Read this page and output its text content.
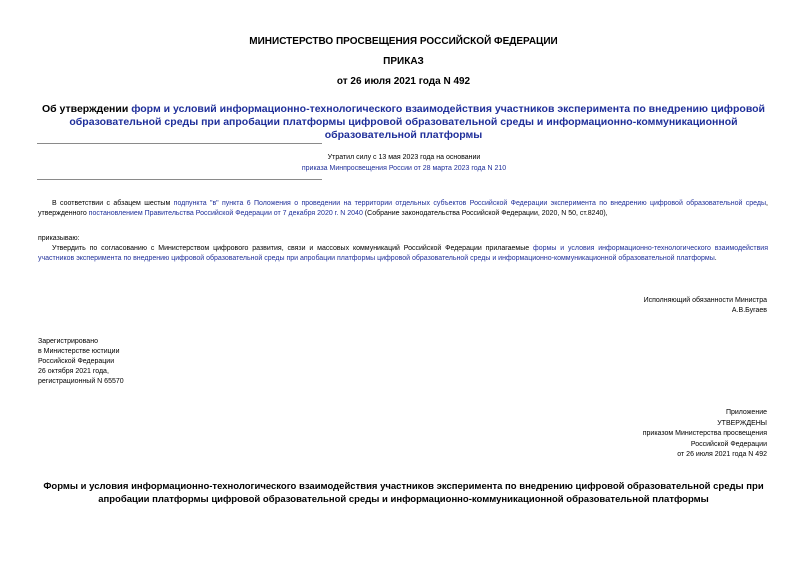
МИНИСТЕРСТВО ПРОСВЕЩЕНИЯ РОССИЙСКОЙ ФЕДЕРАЦИИ
ПРИКАЗ
от 26 июля 2021 года N 492
Об утверждении форм и условий информационно-технологического взаимодействия участников эксперимента по внедрению цифровой образовательной среды при апробации платформы цифровой образовательной среды и информационно-коммуникационной образовательной платформы
Утратил силу с 13 мая 2023 года на основании
приказа Минпросвещения России от 28 марта 2023 года N 210
В соответствии с абзацем шестым подпункта "в" пункта 6 Положения о проведении на территории отдельных субъектов Российской Федерации эксперимента по внедрению цифровой образовательной среды, утвержденного постановлением Правительства Российской Федерации от 7 декабря 2020 г. N 2040 (Собрание законодательства Российской Федерации, 2020, N 50, ст.8240),
приказываю:
Утвердить по согласованию с Министерством цифрового развития, связи и массовых коммуникаций Российской Федерации прилагаемые формы и условия информационно-технологического взаимодействия участников эксперимента по внедрению цифровой образовательной среды при апробации платформы цифровой образовательной среды и информационно-коммуникационной образовательной платформы.
Исполняющий обязанности Министра
А.В.Бугаев
Зарегистрировано
в Министерстве юстиции
Российской Федерации
26 октября 2021 года,
регистрационный N 65570
Приложение
УТВЕРЖДЕНЫ
приказом Министерства просвещения
Российской Федерации
от 26 июля 2021 года N 492
Формы и условия информационно-технологического взаимодействия участников эксперимента по внедрению цифровой образовательной среды при апробации платформы цифровой образовательной среды и информационно-коммуникационной образовательной платформы
